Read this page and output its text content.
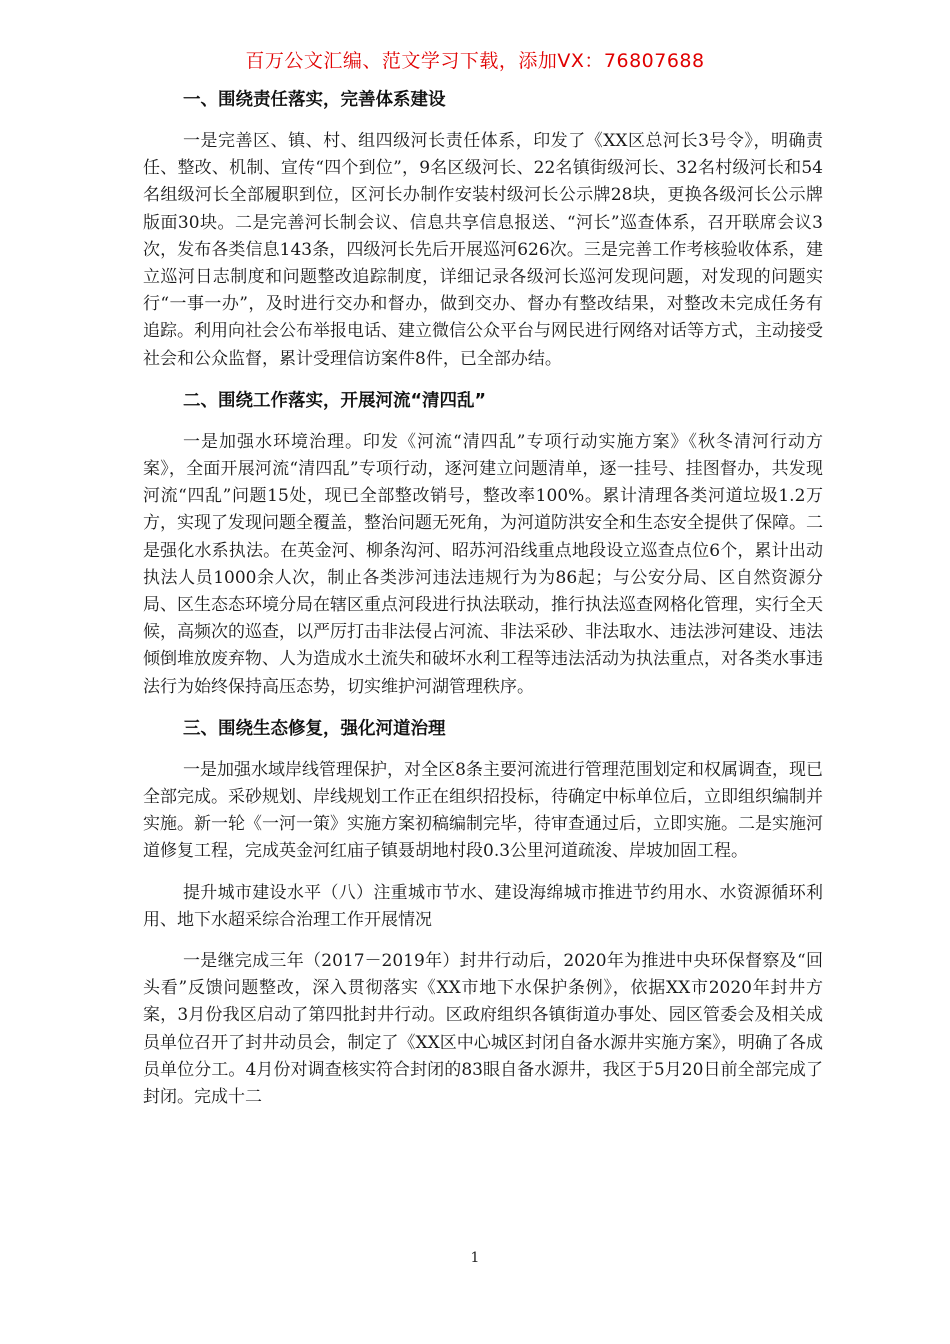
百万公文汇编、范文学习下载，添加VX：76807688
一、围绕责任落实，完善体系建设

一是完善区、镇、村、组四级河长责任体系，印发了《XX区总河长3号令》，明确责任、整改、机制、宣传“四个到位”，9名区级河长、22名镇街级河长、32名村级河长和54名组级河长全部履职到位，区河长办制作安装村级河长公示牌28块，更换各级河长公示牌版面30块。二是完善河长制会议、信息共享信息报送、“河长”巡查体系，召开联席会议3次，发布各类信息143条，四级河长先后开展巡河626次。三是完善工作考核验收体系，建立巡河日志制度和问题整改追踪制度，详细记录各级河长巡河发现问题，对发现的问题实行“一事一办”，及时进行交办和督办，做到交办、督办有整改结果，对整改未完成任务有追踪。利用向社会公布举报电话、建立微信公众平台与网民进行网络对话等方式，主动接受社会和公众监督，累计受理信访案件8件，已全部办结。

二、围绕工作落实，开展河流“清四乱”

一是加强水环境治理。印发《河流“清四乱”专项行动实施方案》《秋冬清河行动方案》，全面开展河流“清四乱”专项行动，逐河建立问题清单，逐一挂号、挂图督办，共发现河流“四乱”问题15处，现已全部整改销号，整改率100%。累计清理各类河道垃圾1.2万方，实现了发现问题全覆盖，整治问题无死角，为河道防洪安全和生态安全提供了保障。二是强化水系执法。在英金河、柳条沟河、昭苏河沿线重点地段设立巡查点位6个，累计出动执法人员1000余人次，制止各类涉河违法违规行为为86起；与公安分局、区自然资源分局、区生态态环境分局在辖区重点河段进行执法联动，推行执法巡查网格化管理，实行全天候，高频次的巡查，以严厉打击非法侵占河流、非法采砂、非法取水、违法涉河建设、违法倾倒堆放废弃物、人为造成水土流失和破坏水利工程等违法活动为执法重点，对各类水事违法行为始终保持高压态势，切实维护河湖管理秩序。

三、围绕生态修复，强化河道治理

一是加强水域岸线管理保护，对全区8条主要河流进行管理范围划定和权属调查，现已全部完成。采砂规划、岸线规划工作正在组织招投标，待确定中标单位后，立即组织编制并实施。新一轮《一河一策》实施方案初稿编制完毕，待审查通过后，立即实施。二是实施河道修复工程，完成英金河红庙子镇聂胡地村段0.3公里河道疏浚、岸坡加固工程。

提升城市建设水平（八）注重城市节水、建设海绵城市推进节约用水、水资源循环利用、地下水超采综合治理工作开展情况

一是继完成三年（2017－2019年）封井行动后，2020年为推进中央环保督察及“回头看”反馈问题整改，深入贯彻落实《XX市地下水保护条例》，依据XX市2020年封井方案，3月份我区启动了第四批封井行动。区政府组织各镇街道办事处、园区管委会及相关成员单位召开了封井动员会，制定了《XX区中心城区封闭自备水源井实施方案》，明确了各成员单位分工。4月份对调查核实符合封闭的83眼自备水源井，我区于5月20日前全部完成了封闭。完成十二

1
